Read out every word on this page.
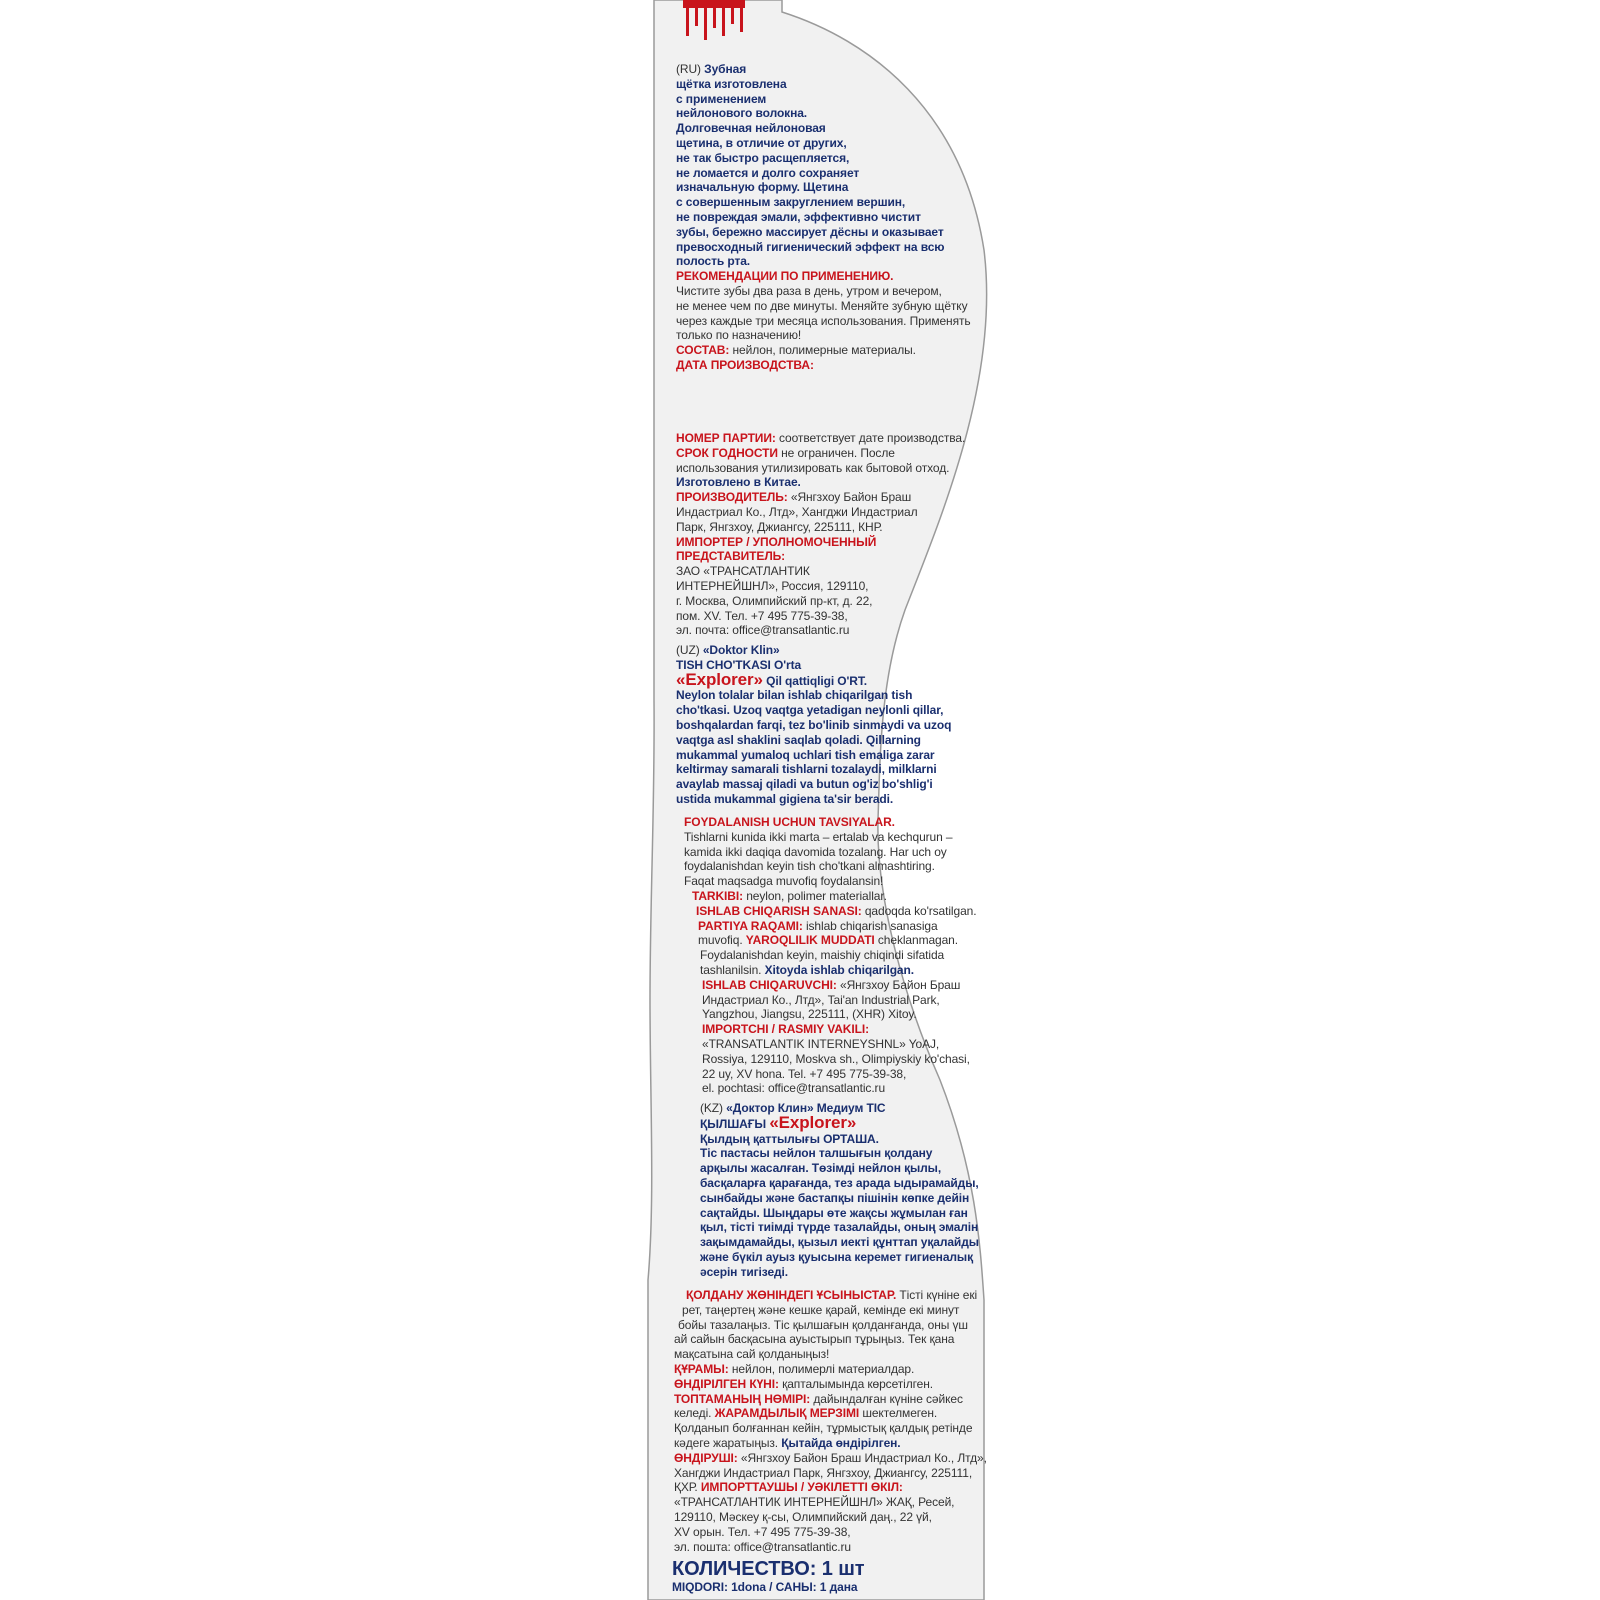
(RU) Зубная
щётка изготовлена
с применением
нейлонового волокна.
Долговечная нейлоновая
щетина, в отличие от других,
не так быстро расщепляется,
не ломается и долго сохраняет
изначальную форму. Щетина
с совершенным закруглением вершин,
не повреждая эмали, эффективно чистит
зубы, бережно массирует дёсны и оказывает
превосходный гигиенический эффект на всю
полость рта.
РЕКОМЕНДАЦИИ ПО ПРИМЕНЕНИЮ.
Чистите зубы два раза в день, утром и вечером,
не менее чем по две минуты. Меняйте зубную щётку
через каждые три месяца использования. Применять
только по назначению!
СОСТАВ: нейлон, полимерные материалы.
ДАТА ПРОИЗВОДСТВА:
НОМЕР ПАРТИИ: соответствует дате производства.
СРОК ГОДНОСТИ не ограничен. После
использования утилизировать как бытовой отход.
Изготовлено в Китае.
ПРОИЗВОДИТЕЛЬ: «Янгзхоу Байон Браш
Индастриал Ко., Лтд», Хангджи Индастриал
Парк, Янгзхоу, Джиангсу, 225111, КНР.
ИМПОРТЕР / УПОЛНОМОЧЕННЫЙ
ПРЕДСТАВИТЕЛЬ:
ЗАО «ТРАНСАТЛАНТИК
ИНТЕРНЕЙШНЛ», Россия, 129110,
г. Москва, Олимпийский пр-кт, д. 22,
пом. XV. Тел. +7 495 775-39-38,
эл. почта: office@transatlantic.ru
(UZ) «Doktor Klin»
TISH CHO'TKASI O'rta
«Explorer» Qil qattiqligi O'RT.
Neylon tolalar bilan ishlab chiqarilgan tish
cho'tkasi. Uzoq vaqtga yetadigan neylonli qillar,
boshqalardan farqi, tez bo'linib sinmaydi va uzoq
vaqtga asl shaklini saqlab qoladi. Qillarning
mukammal yumaloq uchlari tish emaliga zarar
keltirmay samarali tishlarni tozalaydi, milklarni
avaylab massaj qiladi va butun og'iz bo'shlig'i
ustida mukammal gigiena ta'sir beradi.
FOYDALANISH UCHUN TAVSIYALAR.
Tishlarni kunida ikki marta – ertalab va kechqurun –
kamida ikki daqiqa davomida tozalang. Har uch oy
foydalanishdan keyin tish cho'tkani almashtiring.
Faqat maqsadga muvofiq foydalansin!
TARKIBI: neylon, polimer materiallar.
ISHLAB CHIQARISH SANASI: qadoqda ko'rsatilgan.
PARTIYA RAQAMI: ishlab chiqarish sanasiga
muvofiq. YAROQLILIK MUDDATI cheklanmagan.
Foydalanishdan keyin, maishiy chiqindi sifatida
tashlanilsin. Xitoyda ishlab chiqarilgan.
ISHLAB CHIQARUVCHI: «Янгзхоу Байон Браш
Индастриал Ко., Лтд», Tai'an Industrial Park,
Yangzhou, Jiangsu, 225111, (XHR) Xitoy.
IMPORTCHI / RASMIY VAKILI:
«TRANSATLANTIK INTERNEYSHNL» YoAJ,
Rossiya, 129110, Moskva sh., Olimpiyskiy ko'chasi,
22 uy, XV hona. Tel. +7 495 775-39-38,
el. pochtasi: office@transatlantic.ru
(KZ) «Доктор Клин» Медиум ТІС
ҚЫЛШАҒЫ «Explorer»
Қылдың қаттылығы ОРТАША.
Тіс пастасы нейлон талшығын қолдану
арқылы жасалған. Төзімді нейлон қылы,
басқаларға қарағанда, тез арада ыдырамайды,
сынбайды және бастапқы пішінін көпке дейін
сақтайды. Шыңдары өте жақсы жұмылан ған
қыл, тісті тиімді түрде тазалайды, оның эмалін
зақымдамайды, қызыл иекті құнттап уқалайды
және бүкіл ауыз қуысына керемет гигиеналық
әсерін тигізеді.
ҚОЛДАНУ ЖӨНІНДЕГІ ҰСЫНЫСТАР. Тісті күніне екі
рет, таңертең және кешке қарай, кемінде екі минут
бойы тазалаңыз. Тіс қылшағын қолданғанда, оны үш
ай сайын басқасына ауыстырып тұрыңыз. Тек қана
мақсатына сай қолданыңыз!
ҚҰРАМЫ: нейлон, полимерлі материалдар.
ӨНДІРІЛГЕН КҮНІ: қапталымында көрсетілген.
ТОПТАМАНЫҢ НӨМІРІ: дайындалған күніне сәйкес
келеді. ЖАРАМДЫЛЫҚ МЕРЗІМІ шектелмеген.
Қолданып болғаннан кейін, тұрмыстық қалдық ретінде
кәдеге жаратыңыз. Қытайда өндірілген.
ӨНДІРУШІ: «Янгзхоу Байон Браш Индастриал Ко., Лтд»,
Хангджи Индастриал Парк, Янгзхоу, Джиангсу, 225111,
ҚХР. ИМПОРТТАУШЫ / УӘКІЛЕТТІ ӨКІЛ:
«ТРАНСАТЛАНТИК ИНТЕРНЕЙШНЛ» ЖАҚ, Ресей,
129110, Мәскеу қ-сы, Олимпийский даң., 22 үй,
XV орын. Тел. +7 495 775-39-38,
эл. пошта: office@transatlantic.ru
КОЛИЧЕСТВО: 1 шт
MIQDORI: 1dona / САНЫ: 1 дана
